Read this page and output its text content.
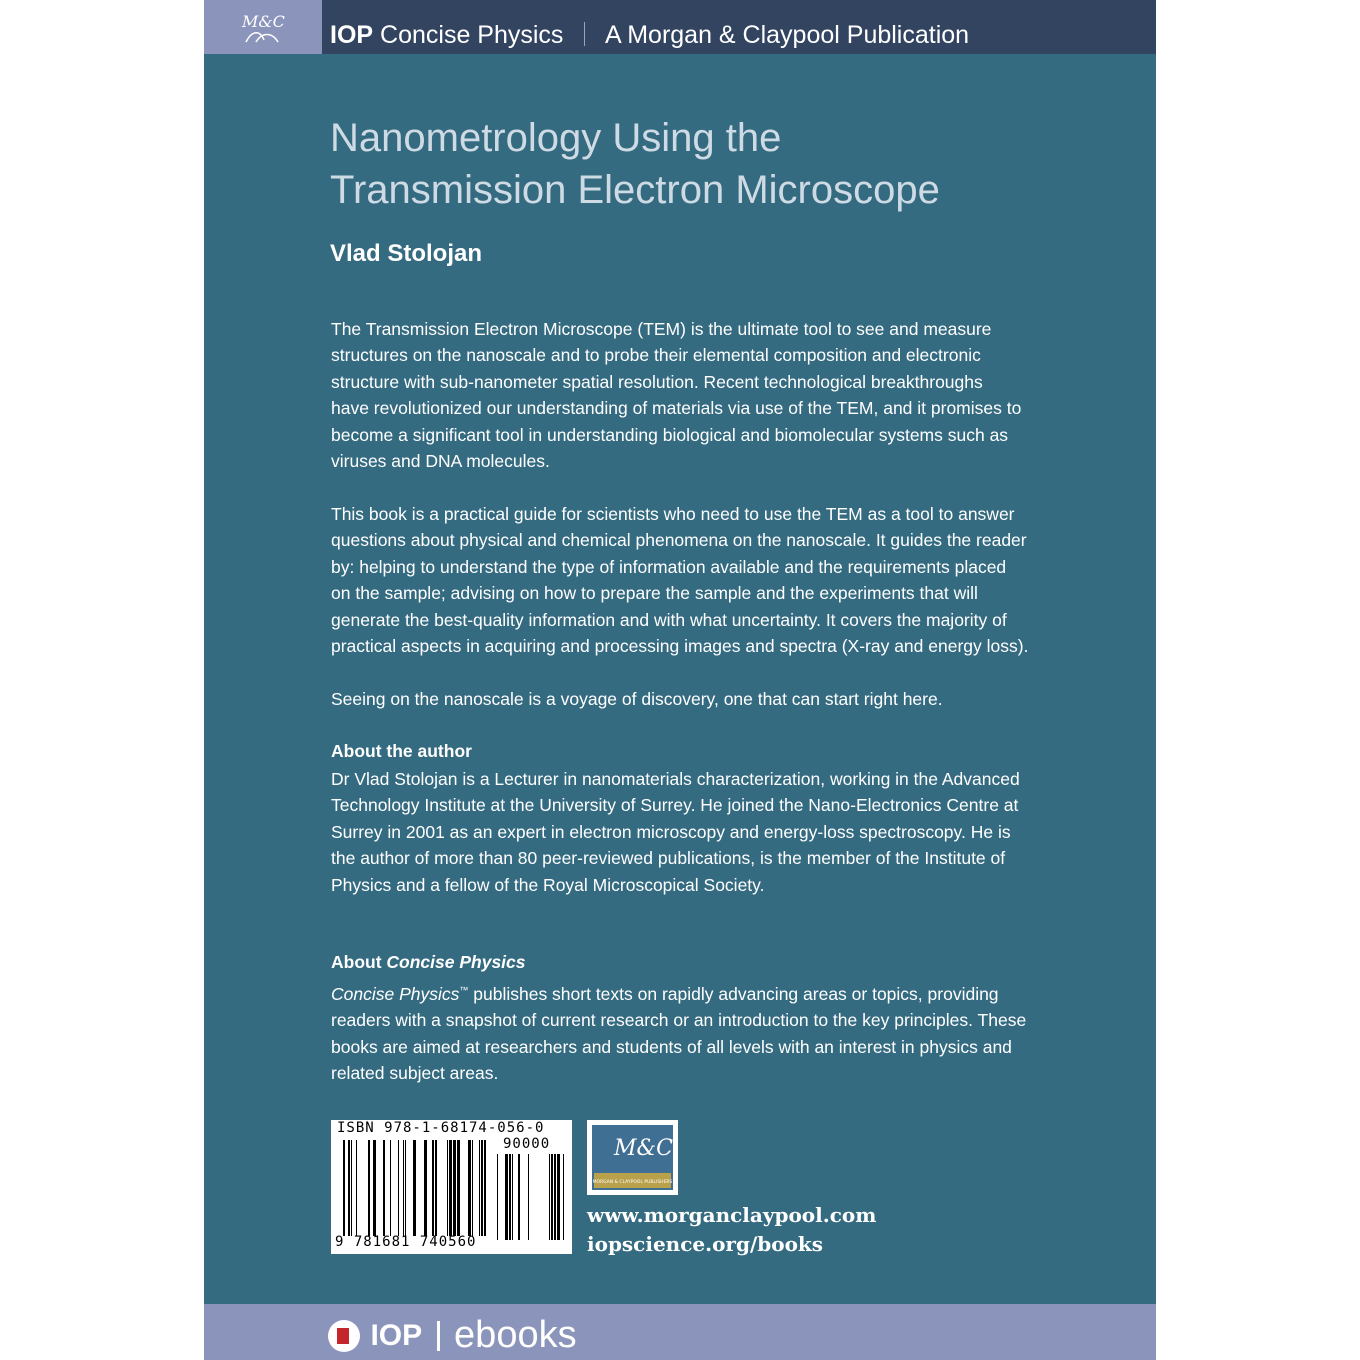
M&C IOP Concise Physics A Morgan & Claypool Publication
Nanometrology Using the
Transmission Electron Microscope
Vlad Stolojan

The Transmission Electron Microscope (TEM) is the ultimate tool to see and measure
structures on the nanoscale and to probe their elemental composition and electronic
structure with sub-nanometer spatial resolution. Recent technological breakthroughs
have revolutionized our understanding of materials via use of the TEM, and it promises to
become a significant tool in understanding biological and biomolecular systems such as
viruses and DNA molecules.

This book is a practical guide for scientists who need to use the TEM as a tool to answer
questions about physical and chemical phenomena on the nanoscale. It guides the reader
by: helping to understand the type of information available and the requirements placed
on the sample; advising on how to prepare the sample and the experiments that will
generate the best-quality information and with what uncertainty. It covers the majority of
practical aspects in acquiring and processing images and spectra (X-ray and energy loss).

Seeing on the nanoscale is a voyage of discovery, one that can start right here.

About the author

Dr Vlad Stolojan is a Lecturer in nanomaterials characterization, working in the Advanced
Technology Institute at the University of Surrey. He joined the Nano-Electronics Centre at
Surrey in 2001 as an expert in electron microscopy and energy-loss spectroscopy. He is
the author of more than 80 peer-reviewed publications, is the member of the Institute of
Physics and a fellow of the Royal Microscopical Society.

About Concise Physics

Concise Physics™ publishes short texts on rapidly advancing areas or topics, providing
readers with a snapshot of current research or an introduction to the key principles. These
books are aimed at researchers and students of all levels with an interest in physics and
related subject areas.

ISBN 978-1-68174-056-0
90000
9 781681 740560
M&C
MORGAN & CLAYPOOL PUBLISHERS
www.morganclaypool.com
iopscience.org/books
IOP ebooks
